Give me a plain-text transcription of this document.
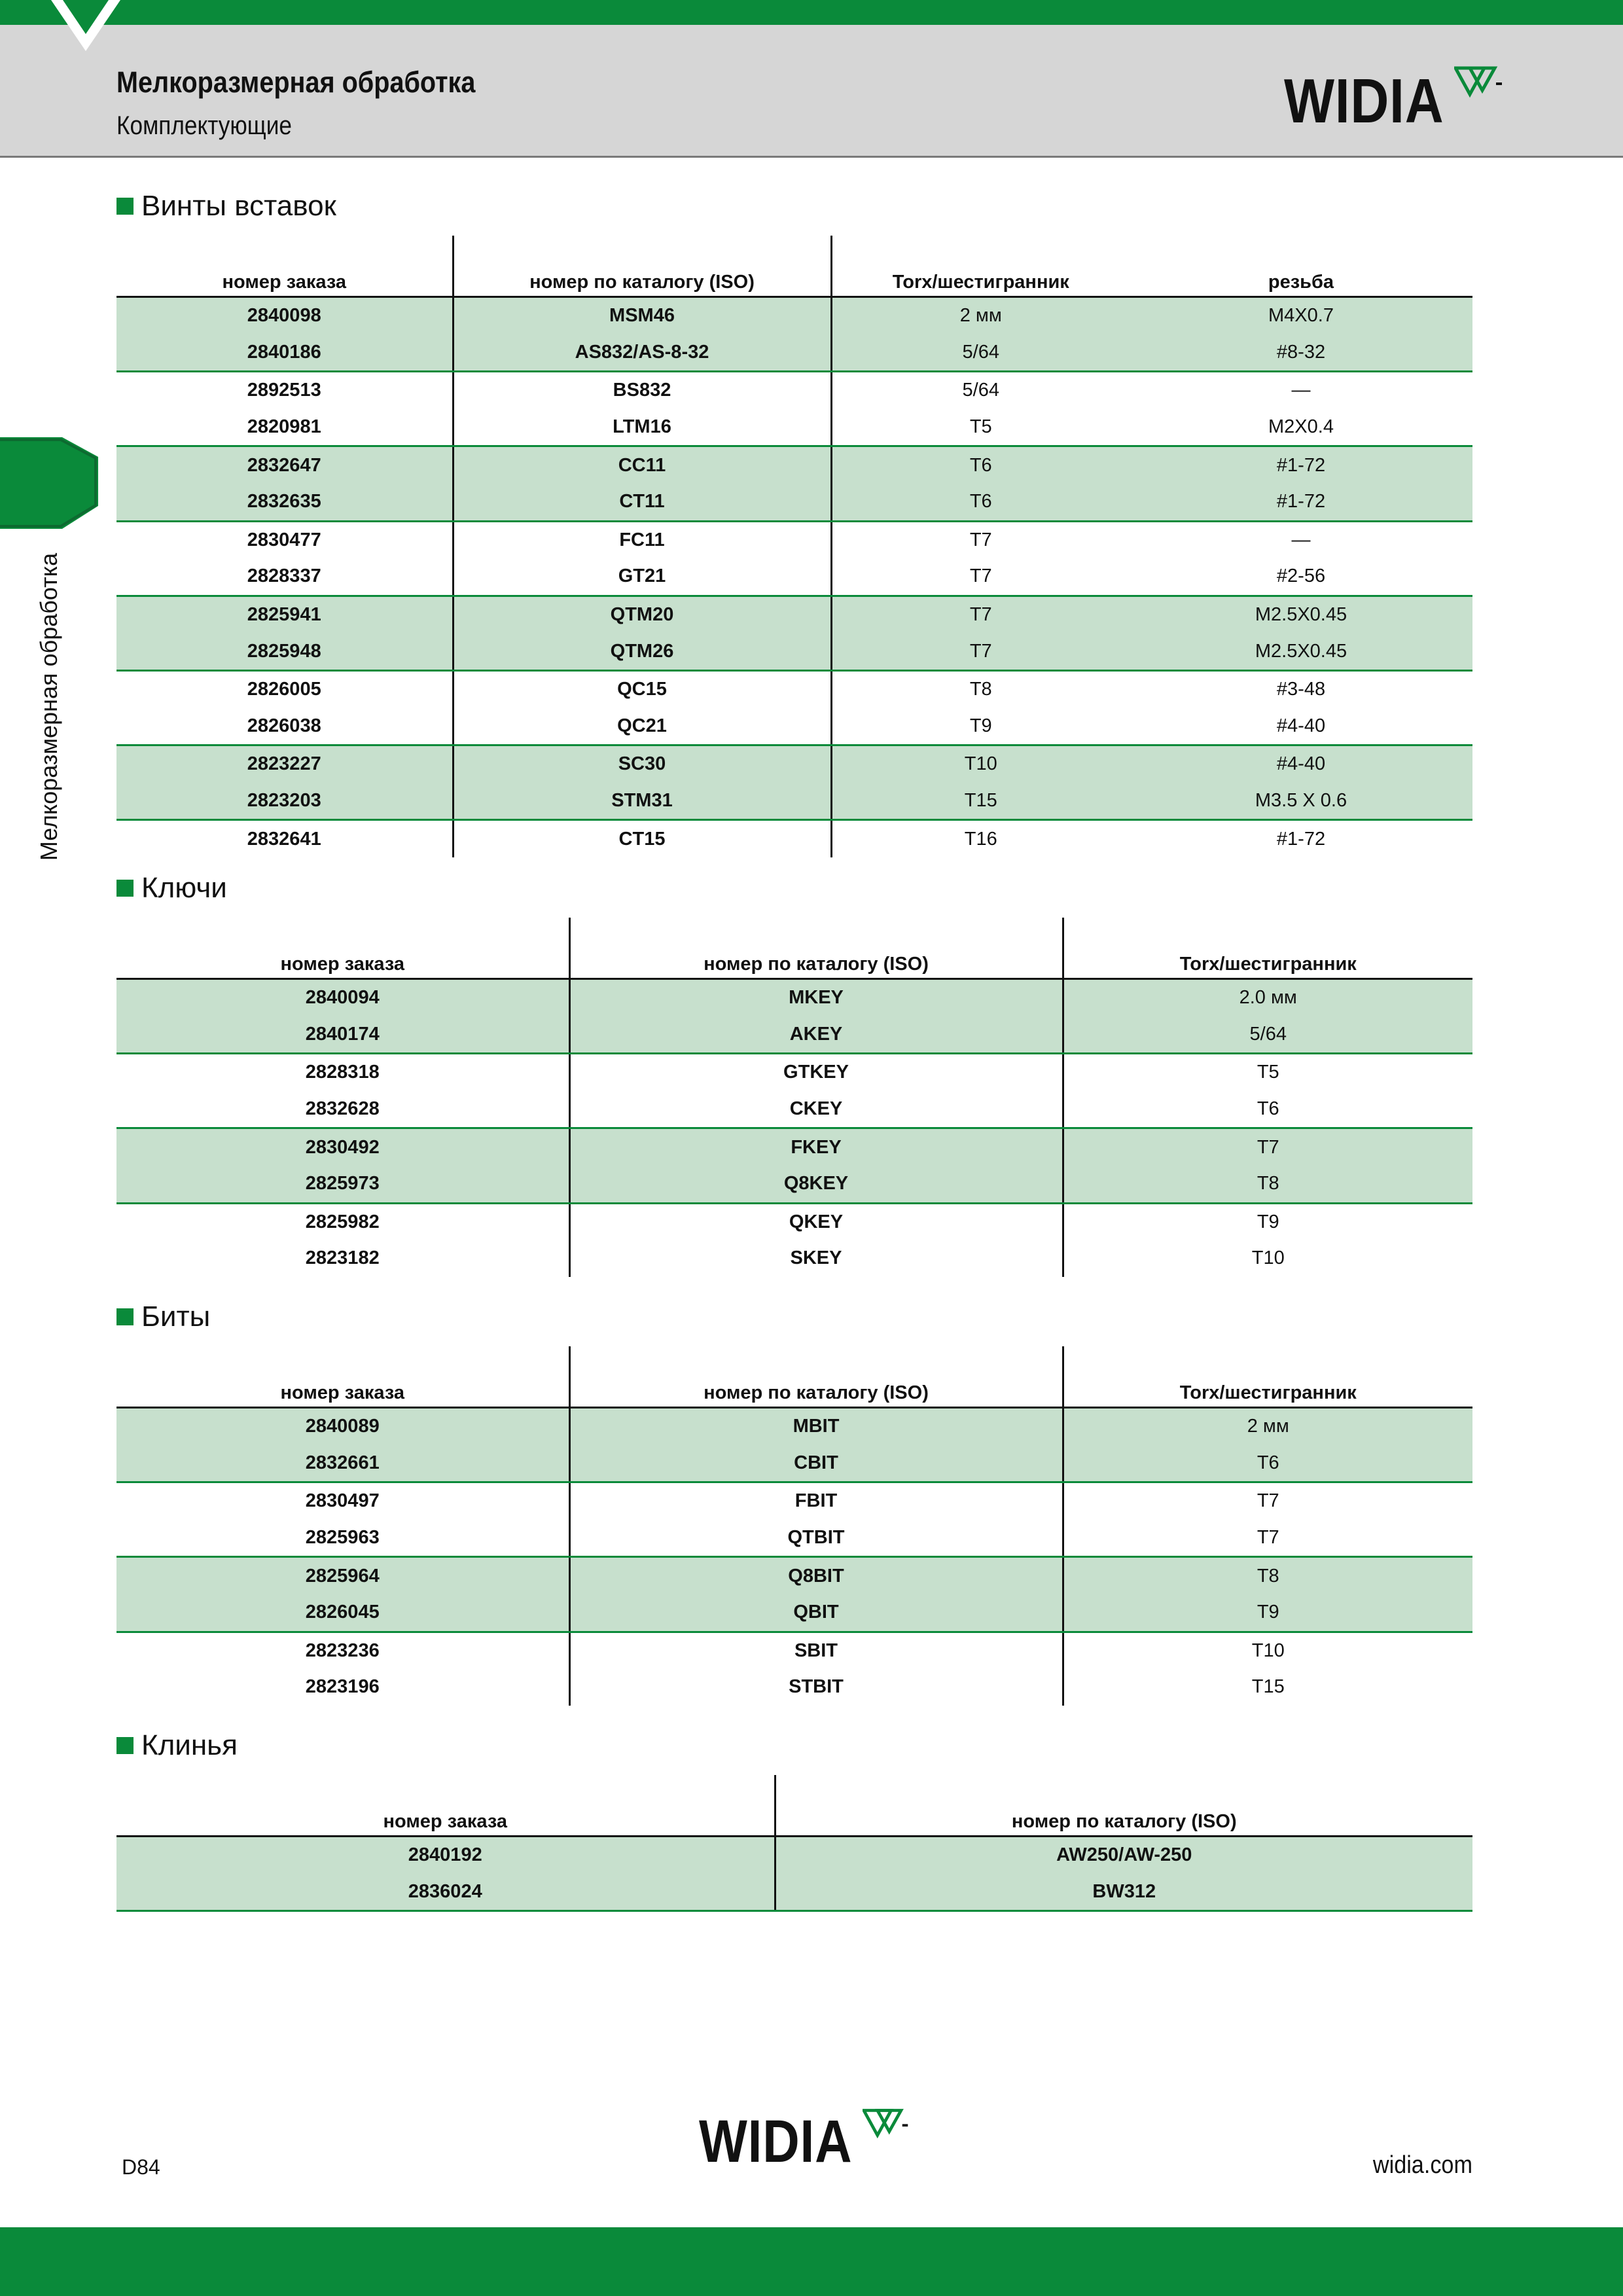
Мелкоразмерная обработка
Комплектующие	WIDIA
Мелкоразмерная обработка
Винты вставок
номер заказа	номер по каталогу (ISO)	Torx/шестигранник	резьба
2840098	MSM46	2 мм	M4X0.7
2840186	AS832/AS-8-32	5/64	#8-32
2892513	BS832	5/64	—
2820981	LTM16	T5	M2X0.4
2832647	CC11	T6	#1-72
2832635	CT11	T6	#1-72
2830477	FC11	T7	—
2828337	GT21	T7	#2-56
2825941	QTM20	T7	M2.5X0.45
2825948	QTM26	T7	M2.5X0.45
2826005	QC15	T8	#3-48
2826038	QC21	T9	#4-40
2823227	SC30	T10	#4-40
2823203	STM31	T15	M3.5 X 0.6
2832641	CT15	T16	#1-72
Ключи
номер заказа	номер по каталогу (ISO)	Torx/шестигранник
2840094	MKEY	2.0 мм
2840174	AKEY	5/64
2828318	GTKEY	T5
2832628	CKEY	T6
2830492	FKEY	T7
2825973	Q8KEY	T8
2825982	QKEY	T9
2823182	SKEY	T10
Биты
номер заказа	номер по каталогу (ISO)	Torx/шестигранник
2840089	MBIT	2 мм
2832661	CBIT	T6
2830497	FBIT	T7
2825963	QTBIT	T7
2825964	Q8BIT	T8
2826045	QBIT	T9
2823236	SBIT	T10
2823196	STBIT	T15
Клинья
номер заказа	номер по каталогу (ISO)
2840192	AW250/AW-250
2836024	BW312
D84	WIDIA	widia.com
